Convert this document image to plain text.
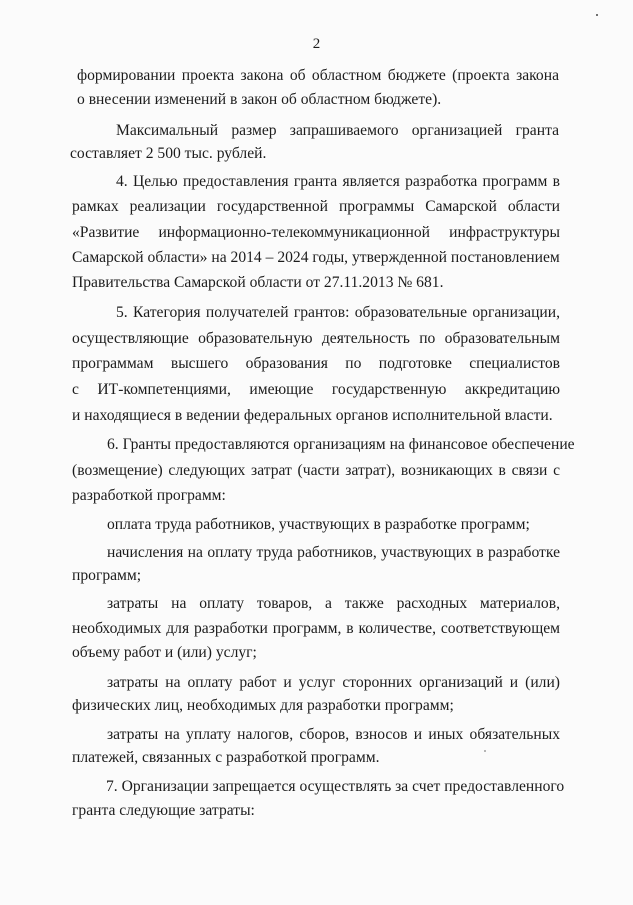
2
формировании проекта закона об областном бюджете (проекта закона
о внесении изменений в закон об областном бюджете).
Максимальный размер запрашиваемого организацией гранта
составляет 2 500 тыс. рублей.
4. Целью предоставления гранта является разработка программ в
рамках реализации государственной программы Самарской области
«Развитие информационно-телекоммуникационной инфраструктуры
Самарской области» на 2014 – 2024 годы, утвержденной постановлением
Правительства Самарской области от 27.11.2013 № 681.
5. Категория получателей грантов: образовательные организации,
осуществляющие образовательную деятельность по образовательным
программам высшего образования по подготовке специалистов
с ИТ-компетенциями, имеющие государственную аккредитацию
и находящиеся в ведении федеральных органов исполнительной власти.
6. Гранты предоставляются организациям на финансовое обеспечение
(возмещение) следующих затрат (части затрат), возникающих в связи с
разработкой программ:
оплата труда работников, участвующих в разработке программ;
начисления на оплату труда работников, участвующих в разработке
программ;
затраты на оплату товаров, а также расходных материалов,
необходимых для разработки программ, в количестве, соответствующем
объему работ и (или) услуг;
затраты на оплату работ и услуг сторонних организаций и (или)
физических лиц, необходимых для разработки программ;
затраты на уплату налогов, сборов, взносов и иных обязательных
платежей, связанных с разработкой программ.
7. Организации запрещается осуществлять за счет предоставленного
гранта следующие затраты:
